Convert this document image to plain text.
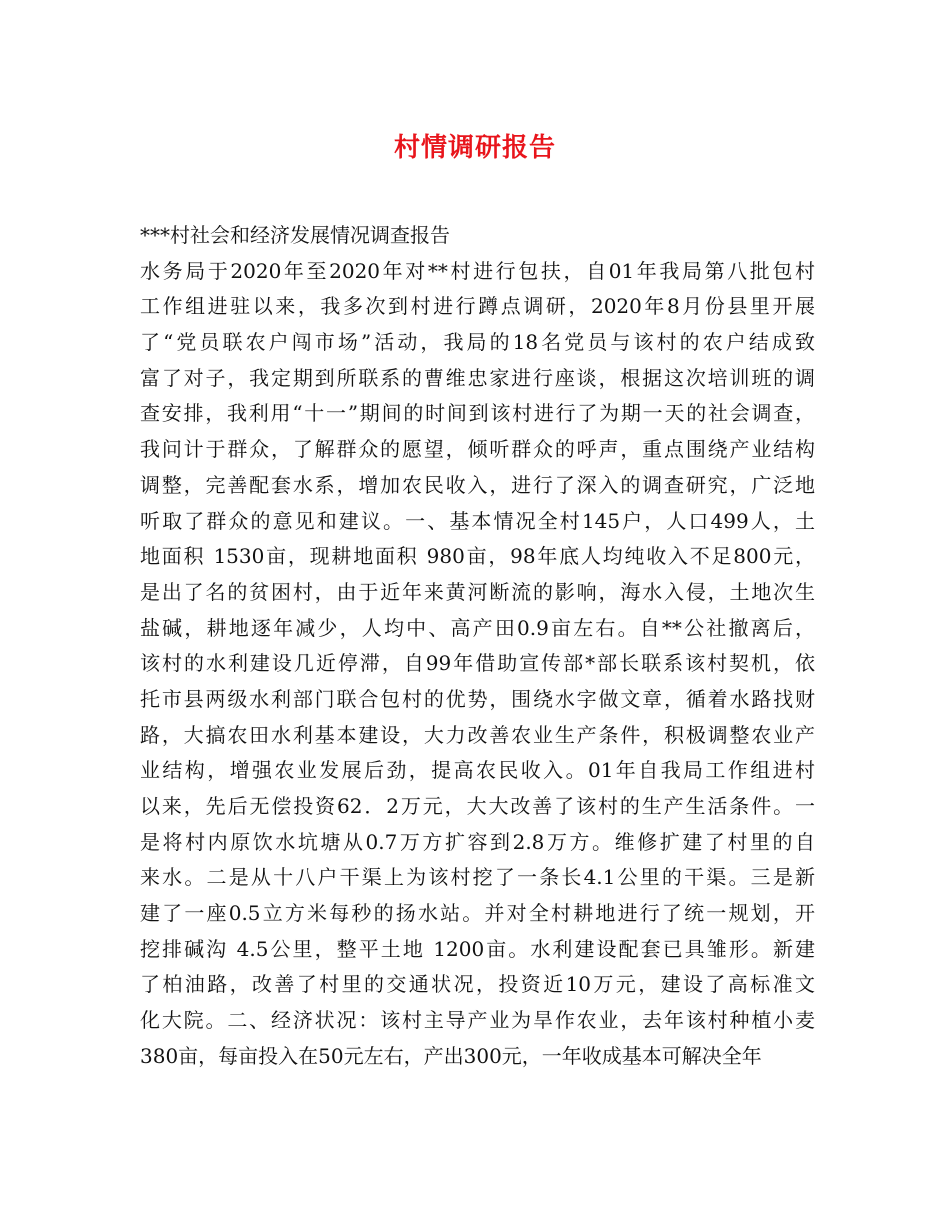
村情调研报告
***村社会和经济发展情况调查报告
水务局于2020年至2020年对**村进行包扶，自01年我局第八批包村
工作组进驻以来，我多次到村进行蹲点调研，2020年8月份县里开展
了“党员联农户闯市场”活动，我局的18名党员与该村的农户结成致
富了对子，我定期到所联系的曹维忠家进行座谈，根据这次培训班的调
查安排，我利用“十一”期间的时间到该村进行了为期一天的社会调查，
我问计于群众，了解群众的愿望，倾听群众的呼声，重点围绕产业结构
调整，完善配套水系，增加农民收入，进行了深入的调查研究，广泛地
听取了群众的意见和建议。一、基本情况全村145户，人口499人，土
地面积 1530亩，现耕地面积 980亩，98年底人均纯收入不足800元，
是出了名的贫困村，由于近年来黄河断流的影响，海水入侵，土地次生
盐碱，耕地逐年减少，人均中、高产田0.9亩左右。自**公社撤离后，
该村的水利建设几近停滞，自99年借助宣传部*部长联系该村契机，依
托市县两级水利部门联合包村的优势，围绕水字做文章，循着水路找财
路，大搞农田水利基本建设，大力改善农业生产条件，积极调整农业产
业结构，增强农业发展后劲，提高农民收入。01年自我局工作组进村
以来，先后无偿投资62．2万元，大大改善了该村的生产生活条件。一
是将村内原饮水坑塘从0.7万方扩容到2.8万方。维修扩建了村里的自
来水。二是从十八户干渠上为该村挖了一条长4.1公里的干渠。三是新
建了一座0.5立方米每秒的扬水站。并对全村耕地进行了统一规划，开
挖排碱沟 4.5公里，整平土地 1200亩。水利建设配套已具雏形。新建
了柏油路，改善了村里的交通状况，投资近10万元，建设了高标准文
化大院。二、经济状况：该村主导产业为旱作农业，去年该村种植小麦
380亩，每亩投入在50元左右，产出300元，一年收成基本可解决全年
